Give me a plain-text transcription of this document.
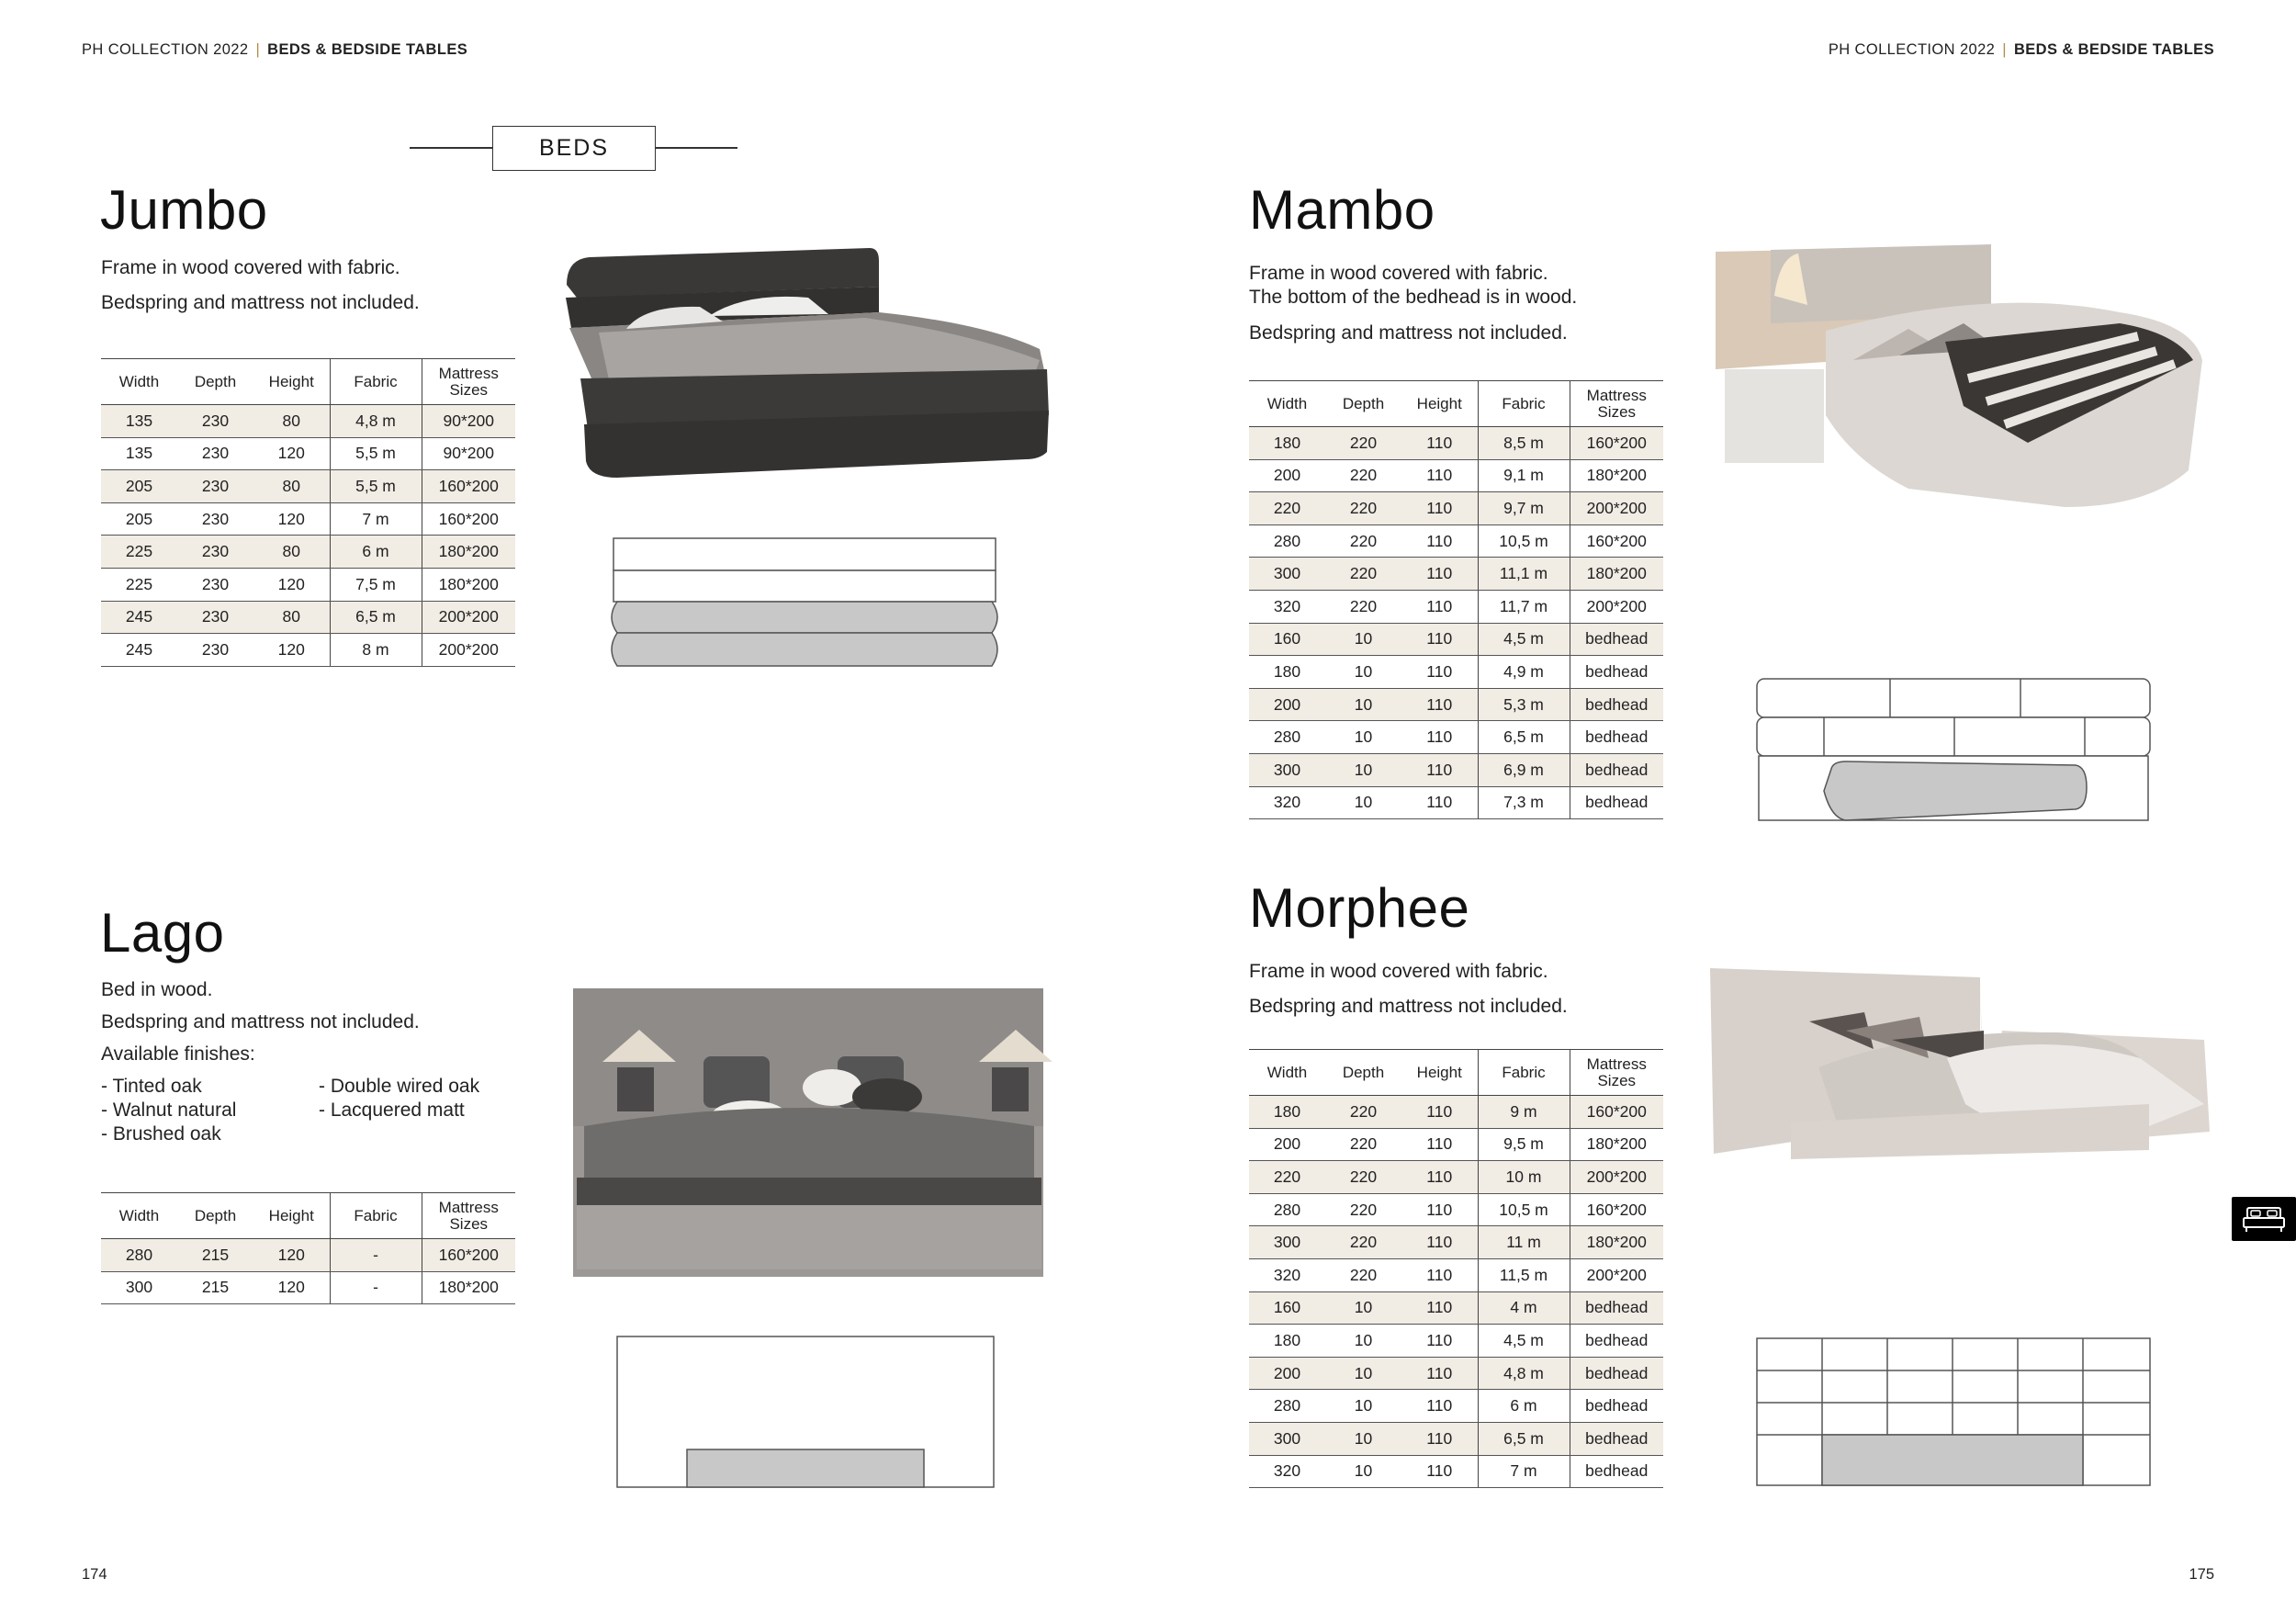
PH COLLECTION 2022 | BEDS & BEDSIDE TABLES	PH COLLECTION 2022 | BEDS & BEDSIDE TABLES
BEDS
Jumbo
Frame in wood covered with fabric.
Bedspring and mattress not included.
Width	Depth	Height	Fabric	Mattress
Sizes
135	230	80	4,8 m	90*200
135	230	120	5,5 m	90*200
205	230	80	5,5 m	160*200
205	230	120	7 m	160*200
225	230	80	6 m	180*200
225	230	120	7,5 m	180*200
245	230	80	6,5 m	200*200
245	230	120	8 m	200*200
Lago
Bed in wood.
Bedspring and mattress not included.
Available finishes:
- Tinted oak
- Walnut natural
- Brushed oak
- Double wired oak
- Lacquered matt
Width	Depth	Height	Fabric	Mattress
Sizes
280	215	120	-	160*200
300	215	120	-	180*200
Mambo
Frame in wood covered with fabric.
The bottom of the bedhead is in wood.
Bedspring and mattress not included.
Width	Depth	Height	Fabric	Mattress
Sizes
180	220	110	8,5 m	160*200
200	220	110	9,1 m	180*200
220	220	110	9,7 m	200*200
280	220	110	10,5 m	160*200
300	220	110	11,1 m	180*200
320	220	110	11,7 m	200*200
160	10	110	4,5 m	bedhead
180	10	110	4,9 m	bedhead
200	10	110	5,3 m	bedhead
280	10	110	6,5 m	bedhead
300	10	110	6,9 m	bedhead
320	10	110	7,3 m	bedhead
Morphee
Frame in wood covered with fabric.
Bedspring and mattress not included.
Width	Depth	Height	Fabric	Mattress
Sizes
180	220	110	9 m	160*200
200	220	110	9,5 m	180*200
220	220	110	10 m	200*200
280	220	110	10,5 m	160*200
300	220	110	11 m	180*200
320	220	110	11,5 m	200*200
160	10	110	4 m	bedhead
180	10	110	4,5 m	bedhead
200	10	110	4,8 m	bedhead
280	10	110	6 m	bedhead
300	10	110	6,5 m	bedhead
320	10	110	7 m	bedhead
174	175
